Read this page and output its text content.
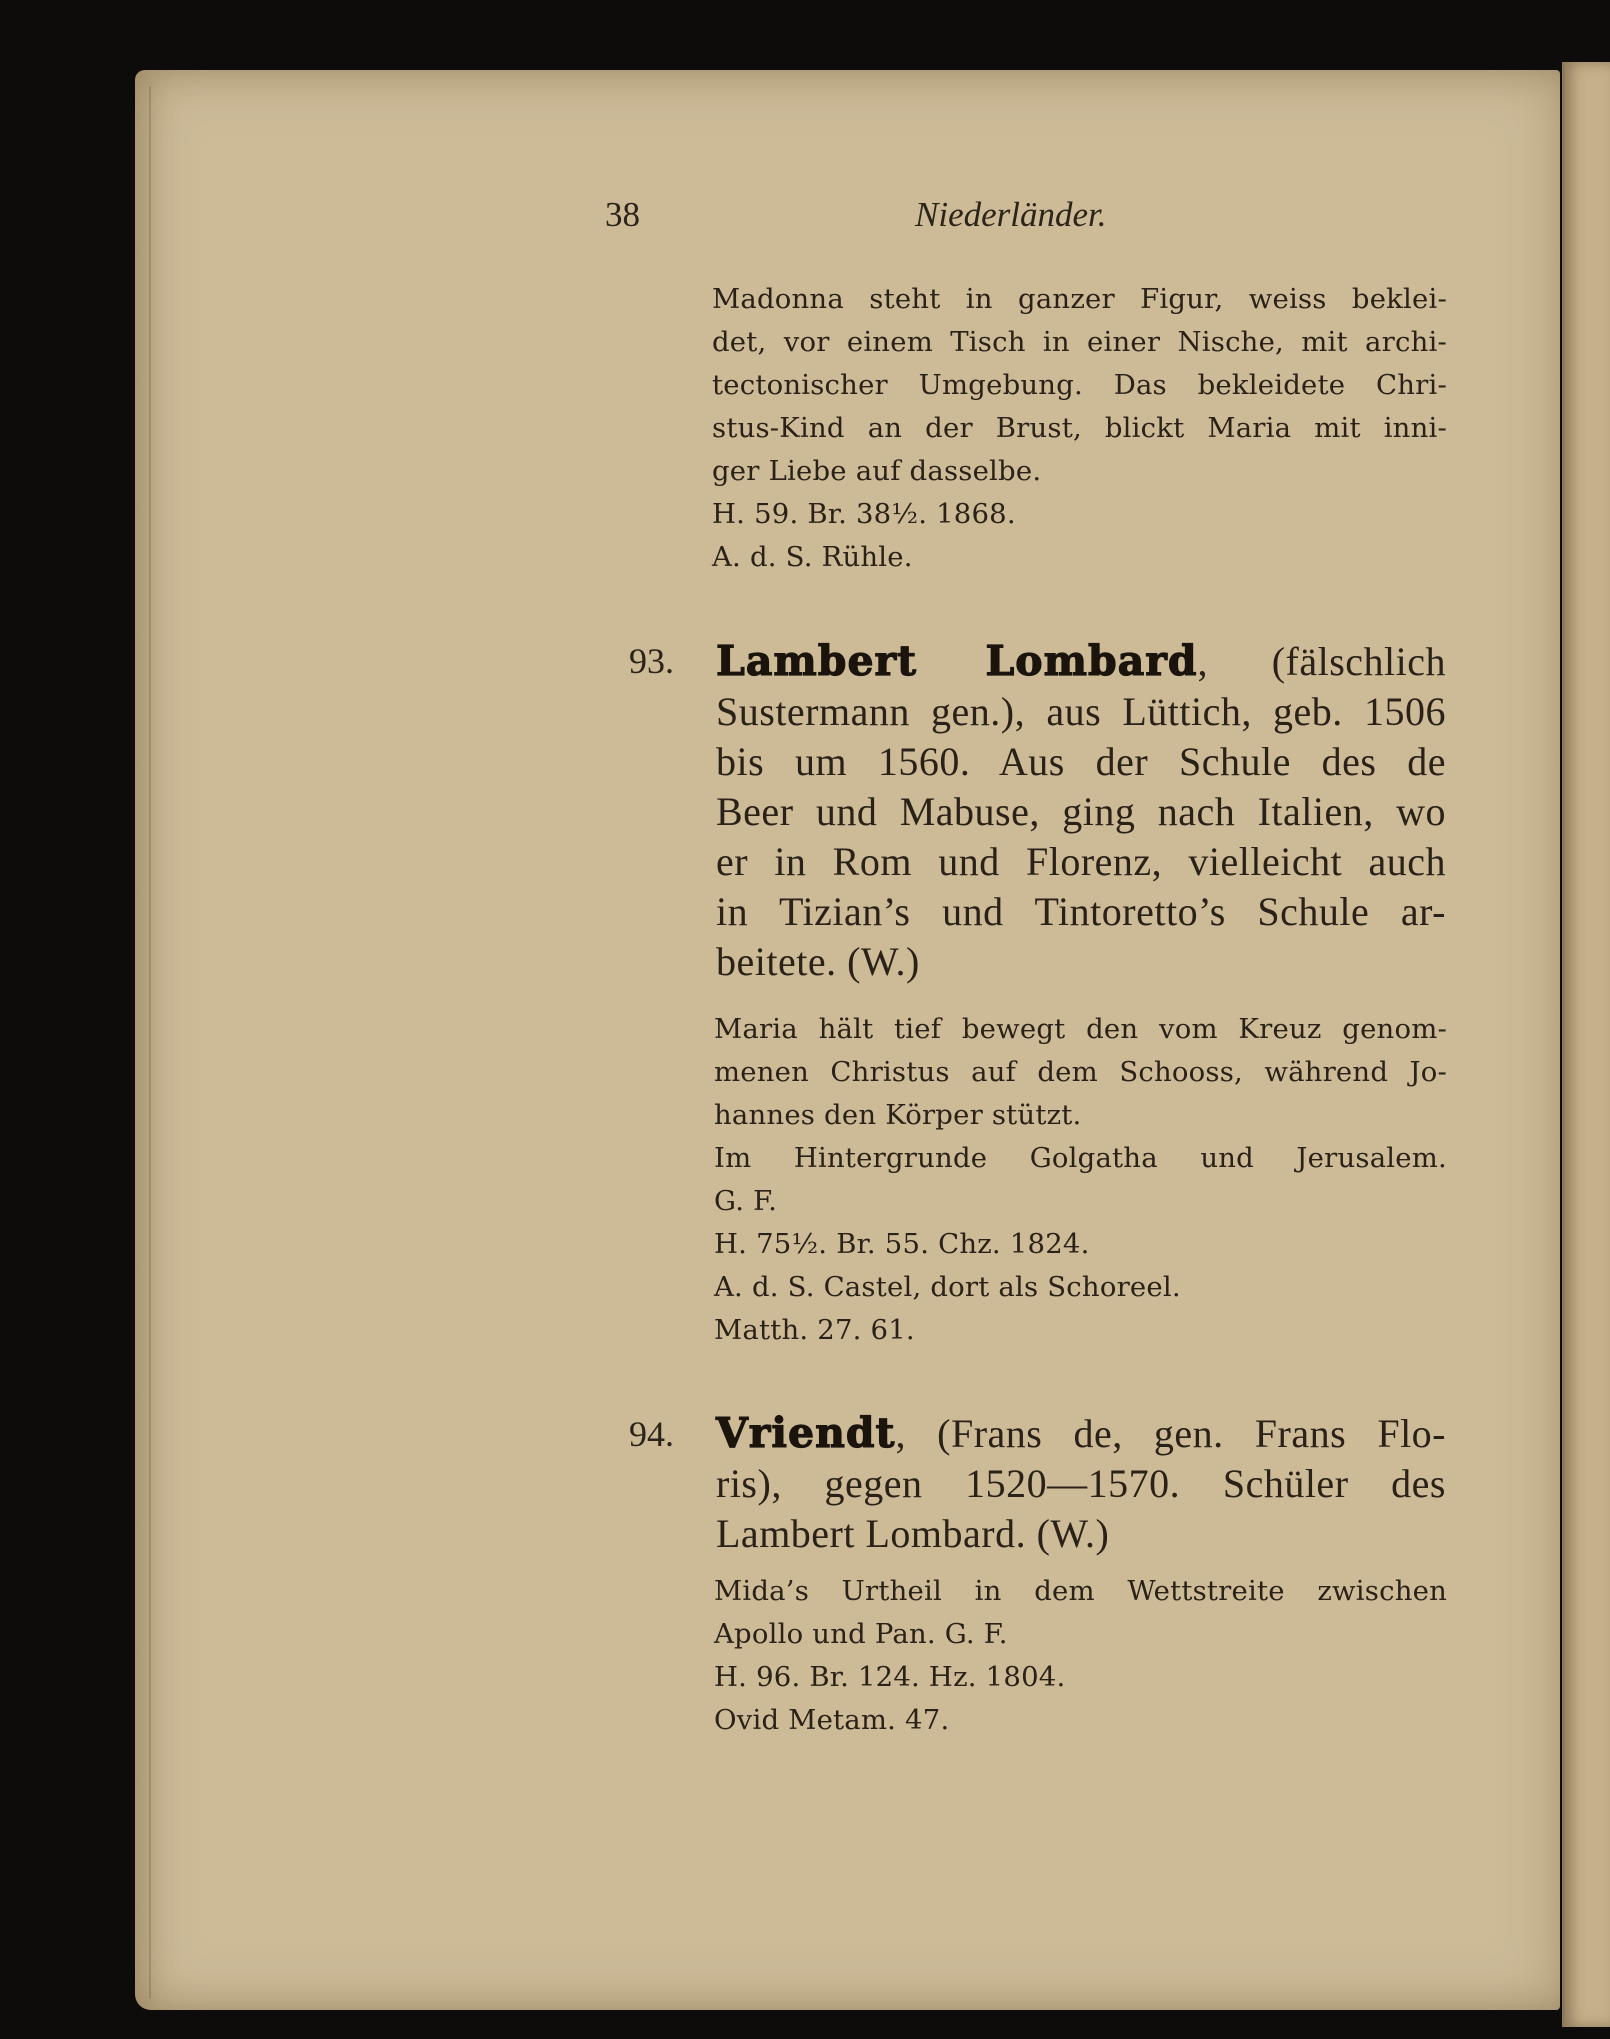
38	Niederländer.
Madonna steht in ganzer Figur, weiss beklei-
det, vor einem Tisch in einer Nische, mit archi-
tectonischer Umgebung. Das bekleidete Chri-
stus-Kind an der Brust, blickt Maria mit inni-
ger Liebe auf dasselbe.
H. 59. Br. 38½. 1868.
A. d. S. Rühle.
93. Lambert Lombard, (fälschlich
Sustermann gen.), aus Lüttich, geb. 1506
bis um 1560. Aus der Schule des de
Beer und Mabuse, ging nach Italien, wo
er in Rom und Florenz, vielleicht auch
in Tizian’s und Tintoretto’s Schule ar-
beitete. (W.)
Maria hält tief bewegt den vom Kreuz genom-
menen Christus auf dem Schooss, während Jo-
hannes den Körper stützt.
Im Hintergrunde Golgatha und Jerusalem.
G. F.
H. 75½. Br. 55. Chz. 1824.
A. d. S. Castel, dort als Schoreel.
Matth. 27. 61.
94. Vriendt, (Frans de, gen. Frans Flo-
ris), gegen 1520—1570. Schüler des
Lambert Lombard. (W.)
Mida’s Urtheil in dem Wettstreite zwischen
Apollo und Pan. G. F.
H. 96. Br. 124. Hz. 1804.
Ovid Metam. 47.
